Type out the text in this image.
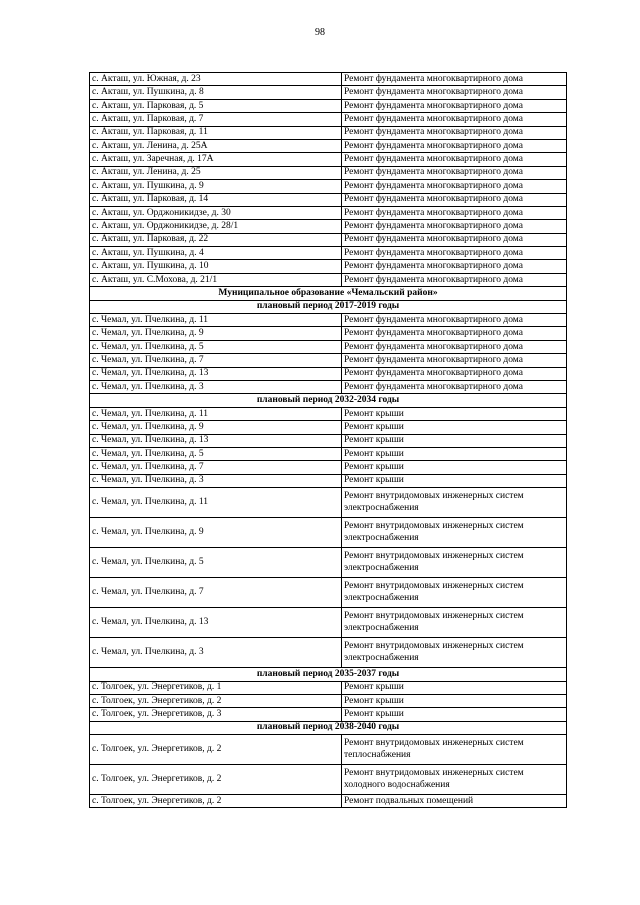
98
с. Акташ, ул. Южная, д. 23	Ремонт фундамента многоквартирного дома
с. Акташ, ул. Пушкина, д. 8	Ремонт фундамента многоквартирного дома
с. Акташ, ул. Парковая, д. 5	Ремонт фундамента многоквартирного дома
с. Акташ, ул. Парковая, д. 7	Ремонт фундамента многоквартирного дома
с. Акташ, ул. Парковая, д. 11	Ремонт фундамента многоквартирного дома
с. Акташ, ул. Ленина, д. 25А	Ремонт фундамента многоквартирного дома
с. Акташ, ул. Заречная, д. 17А	Ремонт фундамента многоквартирного дома
с. Акташ, ул. Ленина, д. 25	Ремонт фундамента многоквартирного дома
с. Акташ, ул. Пушкина, д. 9	Ремонт фундамента многоквартирного дома
с. Акташ, ул. Парковая, д. 14	Ремонт фундамента многоквартирного дома
с. Акташ, ул. Орджоникидзе, д. 30	Ремонт фундамента многоквартирного дома
с. Акташ, ул. Орджоникидзе, д. 28/1	Ремонт фундамента многоквартирного дома
с. Акташ, ул. Парковая, д. 22	Ремонт фундамента многоквартирного дома
с. Акташ, ул. Пушкина, д. 4	Ремонт фундамента многоквартирного дома
с. Акташ, ул. Пушкина, д. 10	Ремонт фундамента многоквартирного дома
с. Акташ, ул. С.Мохова, д. 21/1	Ремонт фундамента многоквартирного дома
Муниципальное образование «Чемальский район»	
плановый период 2017-2019 годы	
с. Чемал, ул. Пчелкина, д. 11	Ремонт фундамента многоквартирного дома
с. Чемал, ул. Пчелкина, д. 9	Ремонт фундамента многоквартирного дома
с. Чемал, ул. Пчелкина, д. 5	Ремонт фундамента многоквартирного дома
с. Чемал, ул. Пчелкина, д. 7	Ремонт фундамента многоквартирного дома
с. Чемал, ул. Пчелкина, д. 13	Ремонт фундамента многоквартирного дома
с. Чемал, ул. Пчелкина, д. 3	Ремонт фундамента многоквартирного дома
плановый период 2032-2034 годы	
с. Чемал, ул. Пчелкина, д. 11	Ремонт крыши
с. Чемал, ул. Пчелкина, д. 9	Ремонт крыши
с. Чемал, ул. Пчелкина, д. 13	Ремонт крыши
с. Чемал, ул. Пчелкина, д. 5	Ремонт крыши
с. Чемал, ул. Пчелкина, д. 7	Ремонт крыши
с. Чемал, ул. Пчелкина, д. 3	Ремонт крыши
с. Чемал, ул. Пчелкина, д. 11	Ремонт внутридомовых инженерных систем электроснабжения
с. Чемал, ул. Пчелкина, д. 9	Ремонт внутридомовых инженерных систем электроснабжения
с. Чемал, ул. Пчелкина, д. 5	Ремонт внутридомовых инженерных систем электроснабжения
с. Чемал, ул. Пчелкина, д. 7	Ремонт внутридомовых инженерных систем электроснабжения
с. Чемал, ул. Пчелкина, д. 13	Ремонт внутридомовых инженерных систем электроснабжения
с. Чемал, ул. Пчелкина, д. 3	Ремонт внутридомовых инженерных систем электроснабжения
плановый период 2035-2037 годы	
с. Толгоек, ул. Энергетиков, д. 1	Ремонт крыши
с. Толгоек, ул. Энергетиков, д. 2	Ремонт крыши
с. Толгоек, ул. Энергетиков, д. 3	Ремонт крыши
плановый период 2038-2040 годы	
с. Толгоек, ул. Энергетиков, д. 2	Ремонт внутридомовых инженерных систем теплоснабжения
с. Толгоек, ул. Энергетиков, д. 2	Ремонт внутридомовых инженерных систем холодного водоснабжения
с. Толгоек, ул. Энергетиков, д. 2	Ремонт подвальных помещений
